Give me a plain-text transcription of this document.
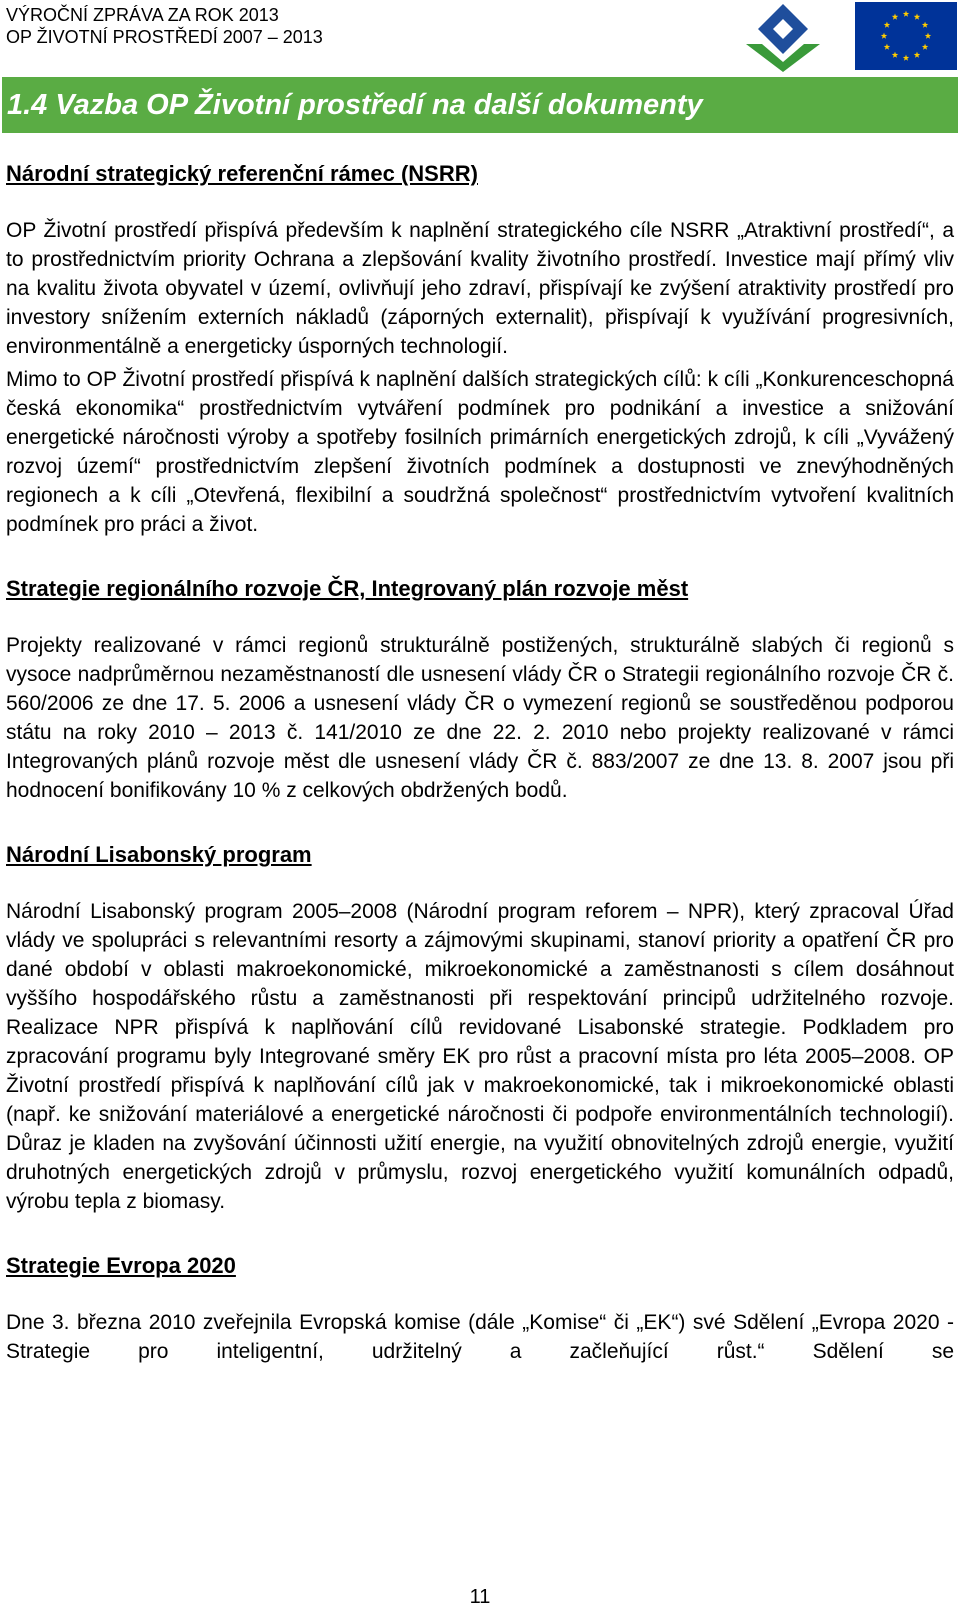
VÝROČNÍ ZPRÁVA ZA ROK 2013
OP ŽIVOTNÍ PROSTŘEDÍ 2007 – 2013
1.4 Vazba OP Životní prostředí na další dokumenty
Národní strategický referenční rámec (NSRR)

OP Životní prostředí přispívá především k naplnění strategického cíle NSRR „Atraktivní prostředí“, a to prostřednictvím priority Ochrana a zlepšování kvality životního prostředí. Investice mají přímý vliv na kvalitu života obyvatel v území, ovlivňují jeho zdraví, přispívají ke zvýšení atraktivity prostředí pro investory snížením externích nákladů (záporných externalit), přispívají k využívání progresivních, environmentálně a energeticky úsporných technologií.

Mimo to OP Životní prostředí přispívá k naplnění dalších strategických cílů: k cíli „Konkurenceschopná česká ekonomika“ prostřednictvím vytváření podmínek pro podnikání a investice a snižování energetické náročnosti výroby a spotřeby fosilních primárních energetických zdrojů, k cíli „Vyvážený rozvoj území“ prostřednictvím zlepšení životních podmínek a dostupnosti ve znevýhodněných regionech a k cíli „Otevřená, flexibilní a soudržná společnost“ prostřednictvím vytvoření kvalitních podmínek pro práci a život.

Strategie regionálního rozvoje ČR, Integrovaný plán rozvoje měst

Projekty realizované v rámci regionů strukturálně postižených, strukturálně slabých či regionů s vysoce nadprůměrnou nezaměstnaností dle usnesení vlády ČR o Strategii regionálního rozvoje ČR č. 560/2006 ze dne 17. 5. 2006 a usnesení vlády ČR o vymezení regionů se soustředěnou podporou státu na roky 2010 – 2013 č. 141/2010 ze dne 22. 2. 2010 nebo projekty realizované v rámci Integrovaných plánů rozvoje měst dle usnesení vlády ČR č. 883/2007 ze dne 13. 8. 2007 jsou při hodnocení bonifikovány 10 % z celkových obdržených bodů.

Národní Lisabonský program

Národní Lisabonský program 2005–2008 (Národní program reforem – NPR), který zpracoval Úřad vlády ve spolupráci s relevantními resorty a zájmovými skupinami, stanoví priority a opatření ČR pro dané období v oblasti makroekonomické, mikroekonomické a zaměstnanosti s cílem dosáhnout vyššího hospodářského růstu a zaměstnanosti při respektování principů udržitelného rozvoje. Realizace NPR přispívá k naplňování cílů revidované Lisabonské strategie. Podkladem pro zpracování programu byly Integrované směry EK pro růst a pracovní místa pro léta 2005–2008. OP Životní prostředí přispívá k naplňování cílů jak v makroekonomické, tak i mikroekonomické oblasti (např. ke snižování materiálové a energetické náročnosti či podpoře environmentálních technologií). Důraz je kladen na zvyšování účinnosti užití energie, na využití obnovitelných zdrojů energie, využití druhotných energetických zdrojů v průmyslu, rozvoj energetického využití komunálních odpadů, výrobu tepla z biomasy.

Strategie Evropa 2020

Dne 3. března 2010 zveřejnila Evropská komise (dále „Komise“ či „EK“) své Sdělení „Evropa 2020 - Strategie pro inteligentní, udržitelný a začleňující růst.“ Sdělení se

11
